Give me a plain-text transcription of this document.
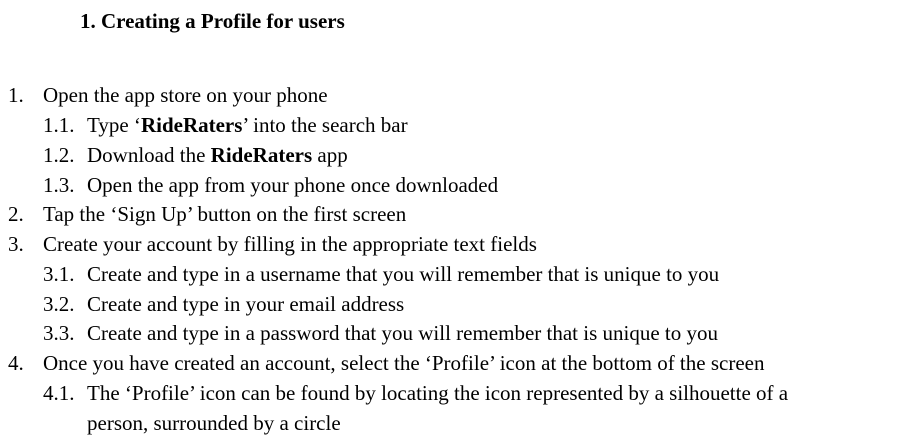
1. Creating a Profile for users
1. Open the app store on your phone
1.1. Type ‘RideRaters’ into the search bar
1.2. Download the RideRaters app
1.3. Open the app from your phone once downloaded
2. Tap the ‘Sign Up’ button on the first screen
3. Create your account by filling in the appropriate text fields
3.1. Create and type in a username that you will remember that is unique to you
3.2. Create and type in your email address
3.3. Create and type in a password that you will remember that is unique to you
4. Once you have created an account, select the ‘Profile’ icon at the bottom of the screen
4.1. The ‘Profile’ icon can be found by locating the icon represented by a silhouette of a
person, surrounded by a circle
